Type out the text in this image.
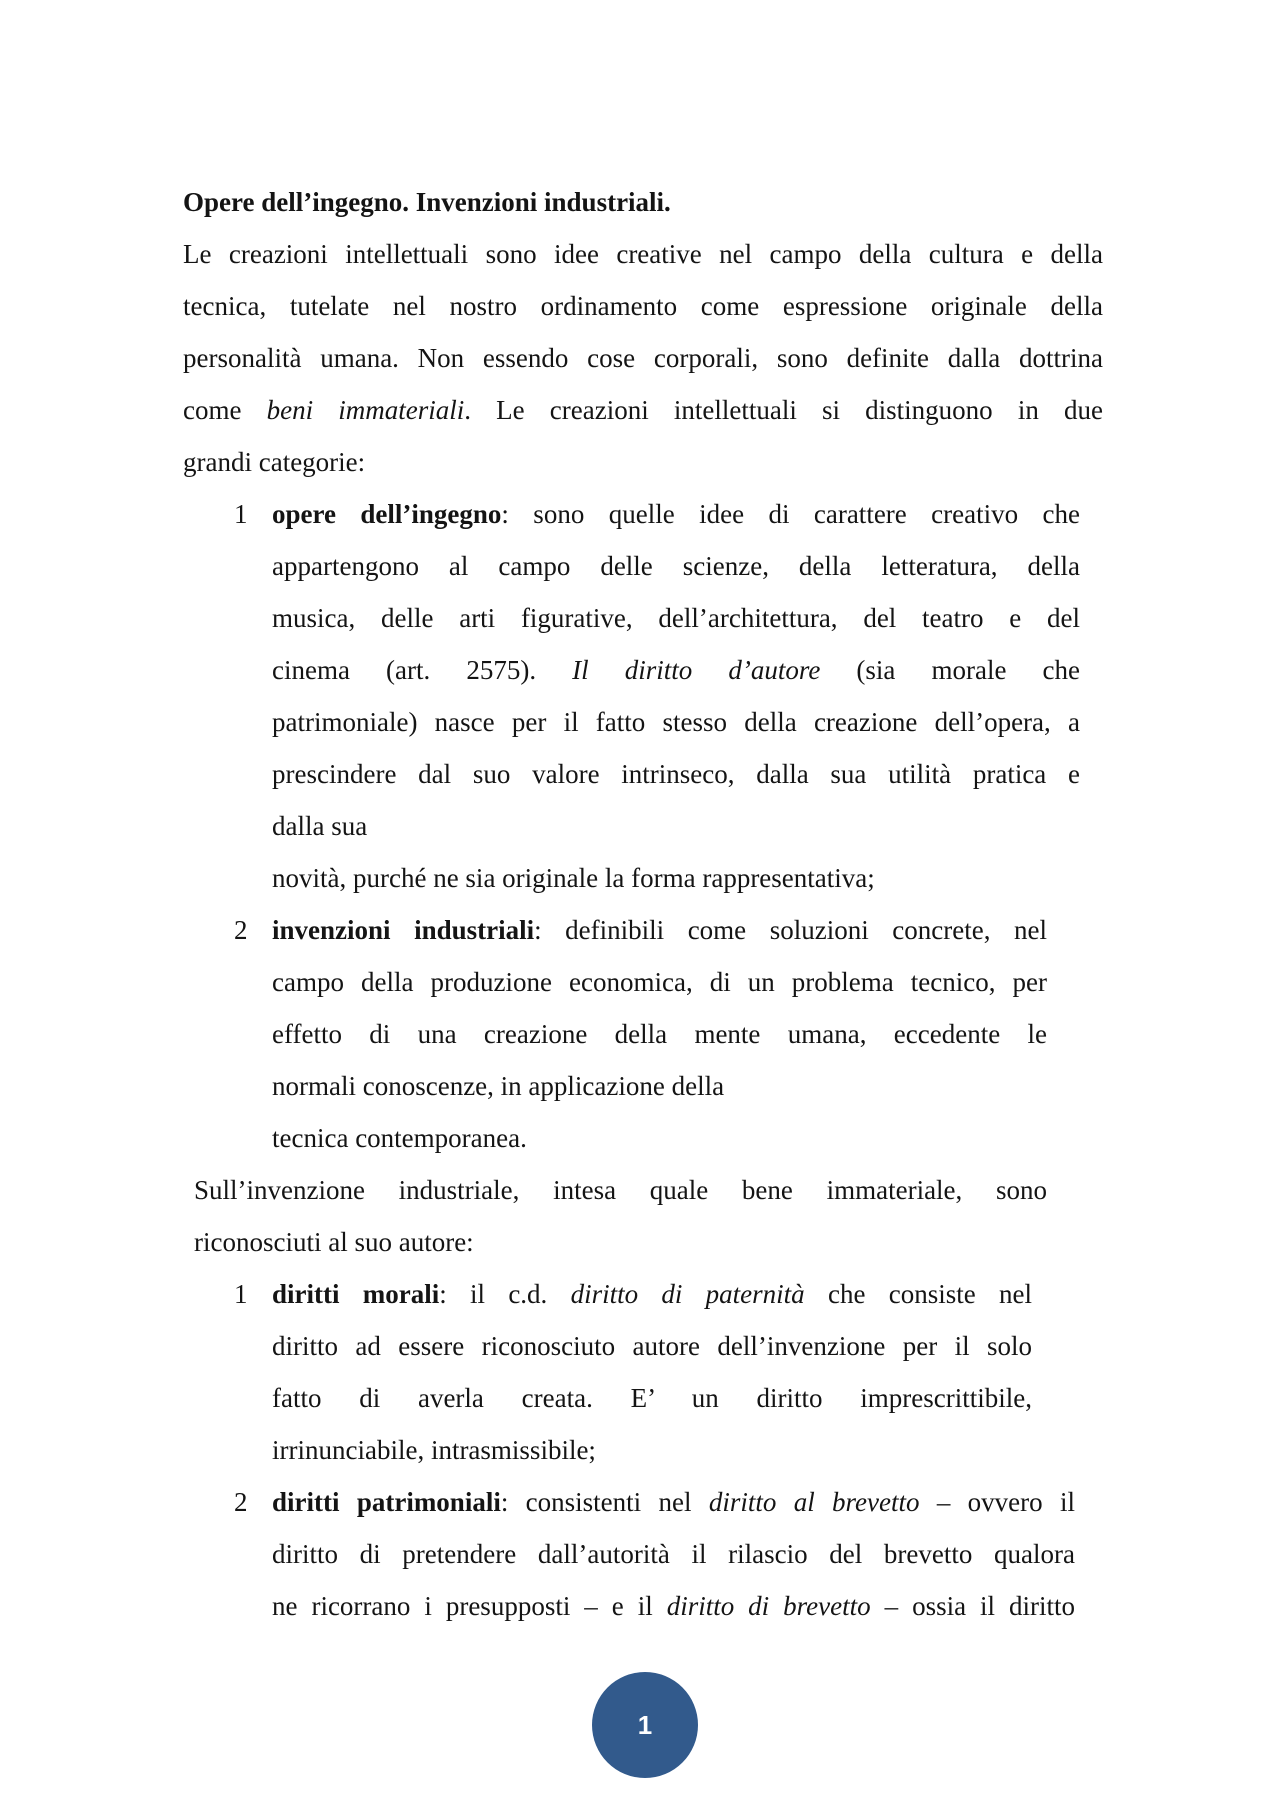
Opere dell’ingegno. Invenzioni industriali.
Le creazioni intellettuali sono idee creative nel campo della cultura e della
tecnica, tutelate nel nostro ordinamento come espressione originale della
personalità umana. Non essendo cose corporali, sono definite dalla dottrina
come beni immateriali. Le creazioni intellettuali si distinguono in due
grandi categorie:
1 opere dell’ingegno: sono quelle idee di carattere creativo che
appartengono al campo delle scienze, della letteratura, della
musica, delle arti figurative, dell’architettura, del teatro e del
cinema (art. 2575). Il diritto d’autore (sia morale che
patrimoniale) nasce per il fatto stesso della creazione dell’opera, a
prescindere dal suo valore intrinseco, dalla sua utilità pratica e
dalla sua
novità, purché ne sia originale la forma rappresentativa;
2 invenzioni industriali: definibili come soluzioni concrete, nel
campo della produzione economica, di un problema tecnico, per
effetto di una creazione della mente umana, eccedente le
normali conoscenze, in applicazione della
tecnica contemporanea.
Sull’invenzione industriale, intesa quale bene immateriale, sono
riconosciuti al suo autore:
1 diritti morali: il c.d. diritto di paternità che consiste nel
diritto ad essere riconosciuto autore dell’invenzione per il solo
fatto di averla creata. E’ un diritto imprescrittibile,
irrinunciabile, intrasmissibile;
2 diritti patrimoniali: consistenti nel diritto al brevetto – ovvero il
diritto di pretendere dall’autorità il rilascio del brevetto qualora
ne ricorrano i presupposti – e il diritto di brevetto – ossia il diritto
1
